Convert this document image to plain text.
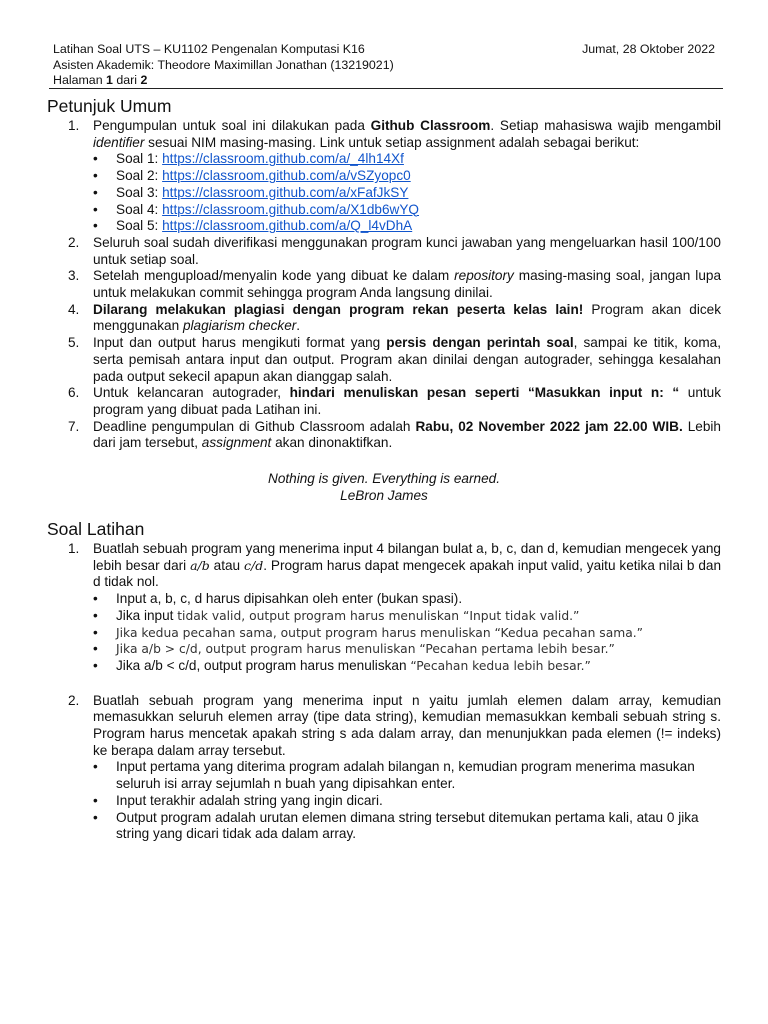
Latihan Soal UTS – KU1102 Pengenalan Komputasi K16	Jumat, 28 Oktober 2022
Asisten Akademik: Theodore Maximillan Jonathan (13219021)
Halaman 1 dari 2
Petunjuk Umum
1. Pengumpulan untuk soal ini dilakukan pada Github Classroom. Setiap mahasiswa wajib mengambil identifier sesuai NIM masing-masing. Link untuk setiap assignment adalah sebagai berikut:
• Soal 1: https://classroom.github.com/a/_4lh14Xf
• Soal 2: https://classroom.github.com/a/vSZyopc0
• Soal 3: https://classroom.github.com/a/xFafJkSY
• Soal 4: https://classroom.github.com/a/X1db6wYQ
• Soal 5: https://classroom.github.com/a/Q_l4vDhA
2. Seluruh soal sudah diverifikasi menggunakan program kunci jawaban yang mengeluarkan hasil 100/100 untuk setiap soal.
3. Setelah mengupload/menyalin kode yang dibuat ke dalam repository masing-masing soal, jangan lupa untuk melakukan commit sehingga program Anda langsung dinilai.
4. Dilarang melakukan plagiasi dengan program rekan peserta kelas lain! Program akan dicek menggunakan plagiarism checker.
5. Input dan output harus mengikuti format yang persis dengan perintah soal, sampai ke titik, koma, serta pemisah antara input dan output. Program akan dinilai dengan autograder, sehingga kesalahan pada output sekecil apapun akan dianggap salah.
6. Untuk kelancaran autograder, hindari menuliskan pesan seperti “Masukkan input n: “ untuk program yang dibuat pada Latihan ini.
7. Deadline pengumpulan di Github Classroom adalah Rabu, 02 November 2022 jam 22.00 WIB. Lebih dari jam tersebut, assignment akan dinonaktifkan.
Nothing is given. Everything is earned.
LeBron James
Soal Latihan
1. Buatlah sebuah program yang menerima input 4 bilangan bulat a, b, c, dan d, kemudian mengecek yang lebih besar dari a/b atau c/d. Program harus dapat mengecek apakah input valid, yaitu ketika nilai b dan d tidak nol.
• Input a, b, c, d harus dipisahkan oleh enter (bukan spasi).
• Jika input tidak valid, output program harus menuliskan “Input tidak valid.”
• Jika kedua pecahan sama, output program harus menuliskan “Kedua pecahan sama.”
• Jika a/b > c/d, output program harus menuliskan “Pecahan pertama lebih besar.”
• Jika a/b < c/d, output program harus menuliskan “Pecahan kedua lebih besar.”
2. Buatlah sebuah program yang menerima input n yaitu jumlah elemen dalam array, kemudian memasukkan seluruh elemen array (tipe data string), kemudian memasukkan kembali sebuah string s. Program harus mencetak apakah string s ada dalam array, dan menunjukkan pada elemen (!= indeks) ke berapa dalam array tersebut.
• Input pertama yang diterima program adalah bilangan n, kemudian program menerima masukan seluruh isi array sejumlah n buah yang dipisahkan enter.
• Input terakhir adalah string yang ingin dicari.
• Output program adalah urutan elemen dimana string tersebut ditemukan pertama kali, atau 0 jika string yang dicari tidak ada dalam array.
